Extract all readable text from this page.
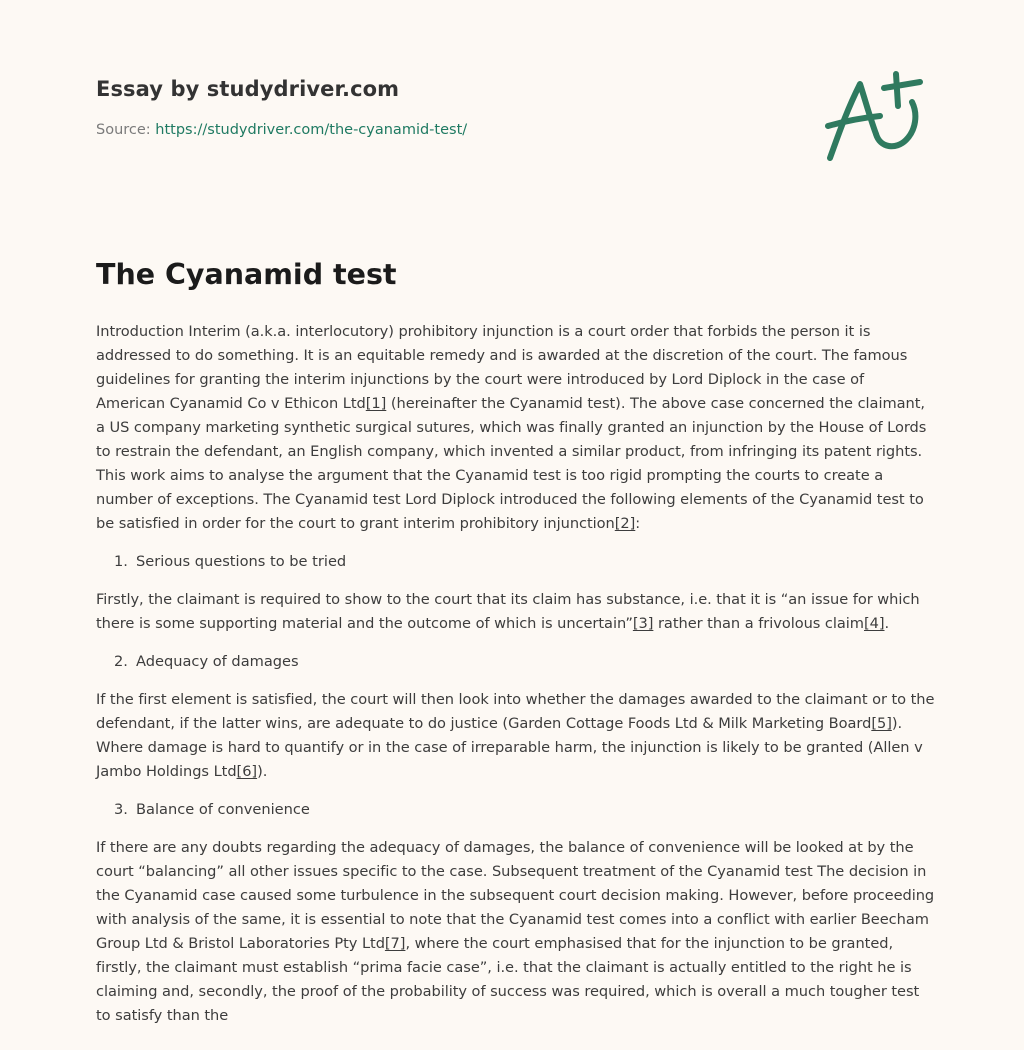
Essay by studydriver.com
Source: https://studydriver.com/the-cyanamid-test/
The Cyanamid test

Introduction Interim (a.k.a. interlocutory) prohibitory injunction is a court order that forbids the person it is addressed to do something. It is an equitable remedy and is awarded at the discretion of the court. The famous guidelines for granting the interim injunctions by the court were introduced by Lord Diplock in the case of American Cyanamid Co v Ethicon Ltd[1] (hereinafter the Cyanamid test). The above case concerned the claimant, a US company marketing synthetic surgical sutures, which was finally granted an injunction by the House of Lords to restrain the defendant, an English company, which invented a similar product, from infringing its patent rights. This work aims to analyse the argument that the Cyanamid test is too rigid prompting the courts to create a number of exceptions. The Cyanamid test Lord Diplock introduced the following elements of the Cyanamid test to be satisfied in order for the court to grant interim prohibitory injunction[2]:

1. Serious questions to be tried

Firstly, the claimant is required to show to the court that its claim has substance, i.e. that it is “an issue for which there is some supporting material and the outcome of which is uncertain”[3] rather than a frivolous claim[4].

2. Adequacy of damages

If the first element is satisfied, the court will then look into whether the damages awarded to the claimant or to the defendant, if the latter wins, are adequate to do justice (Garden Cottage Foods Ltd & Milk Marketing Board[5]). Where damage is hard to quantify or in the case of irreparable harm, the injunction is likely to be granted (Allen v Jambo Holdings Ltd[6]).

3. Balance of convenience

If there are any doubts regarding the adequacy of damages, the balance of convenience will be looked at by the court “balancing” all other issues specific to the case. Subsequent treatment of the Cyanamid test The decision in the Cyanamid case caused some turbulence in the subsequent court decision making. However, before proceeding with analysis of the same, it is essential to note that the Cyanamid test comes into a conflict with earlier Beecham Group Ltd & Bristol Laboratories Pty Ltd[7], where the court emphasised that for the injunction to be granted, firstly, the claimant must establish “prima facie case”, i.e. that the claimant is actually entitled to the right he is claiming and, secondly, the proof of the probability of success was required, which is overall a much tougher test to satisfy than the
